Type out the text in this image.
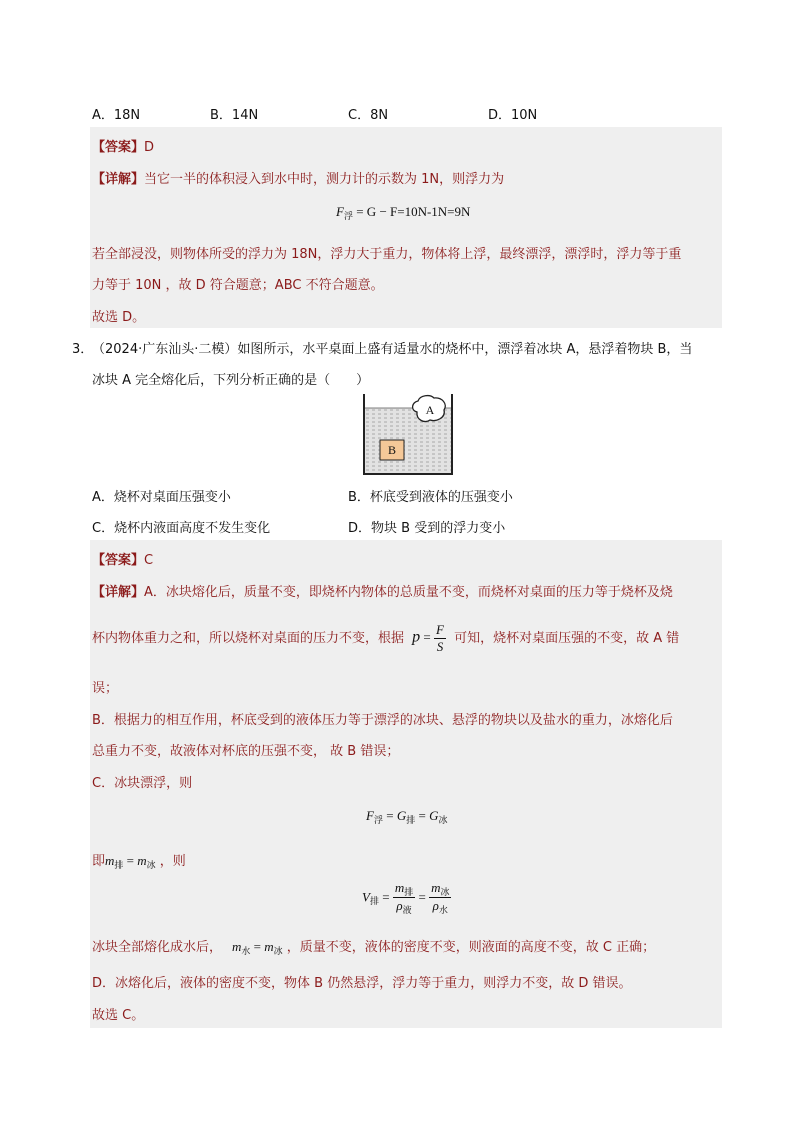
A．18N	B．14N	C．8N	D．10N
【答案】D
【详解】当它一半的体积浸入到水中时，测力计的示数为 1N，则浮力为
$F_浮 = G - F=10N-1N=9N$
若全部浸没，则物体所受的浮力为 18N，浮力大于重力，物体将上浮，最终漂浮，漂浮时，浮力等于重
力等于 10N ，故 D 符合题意；ABC 不符合题意。
故选 D。
3．
（2024·广东汕头·二模）如图所示，水平桌面上盛有适量水的烧杯中，漂浮着冰块 A，悬浮着物块 B，当
冰块 A 完全熔化后，下列分析正确的是（　　）
A
B
A．烧杯对桌面压强变小	B．杯底受到液体的压强变小
C．烧杯内液面高度不发生变化	D．物块 B 受到的浮力变小
【答案】C
【详解】A．冰块熔化后，质量不变，即烧杯内物体的总质量不变，而烧杯对桌面的压力等于烧杯及烧
杯内物体重力之和，所以烧杯对桌面的压力不变，根据 $p = \frac{F}{S}$ 可知，烧杯对桌面压强的不变，故 A 错
误；
B．根据力的相互作用，杯底受到的液体压力等于漂浮的冰块、悬浮的物块以及盐水的重力，冰熔化后
总重力不变，故液体对杯底的压强不变， 故 B 错误；
C．冰块漂浮，则
$F_浮 = G_排 = G_冰$
即$m_排 = m_冰$ ，则
$V_排 = \frac{m_排}{\rho_液} = \frac{m_冰}{\rho_水}$
冰块全部熔化成水后， $m_水 = m_冰$ ，质量不变，液体的密度不变，则液面的高度不变，故 C 正确；
D．冰熔化后，液体的密度不变，物体 B 仍然悬浮，浮力等于重力，则浮力不变，故 D 错误。
故选 C。
